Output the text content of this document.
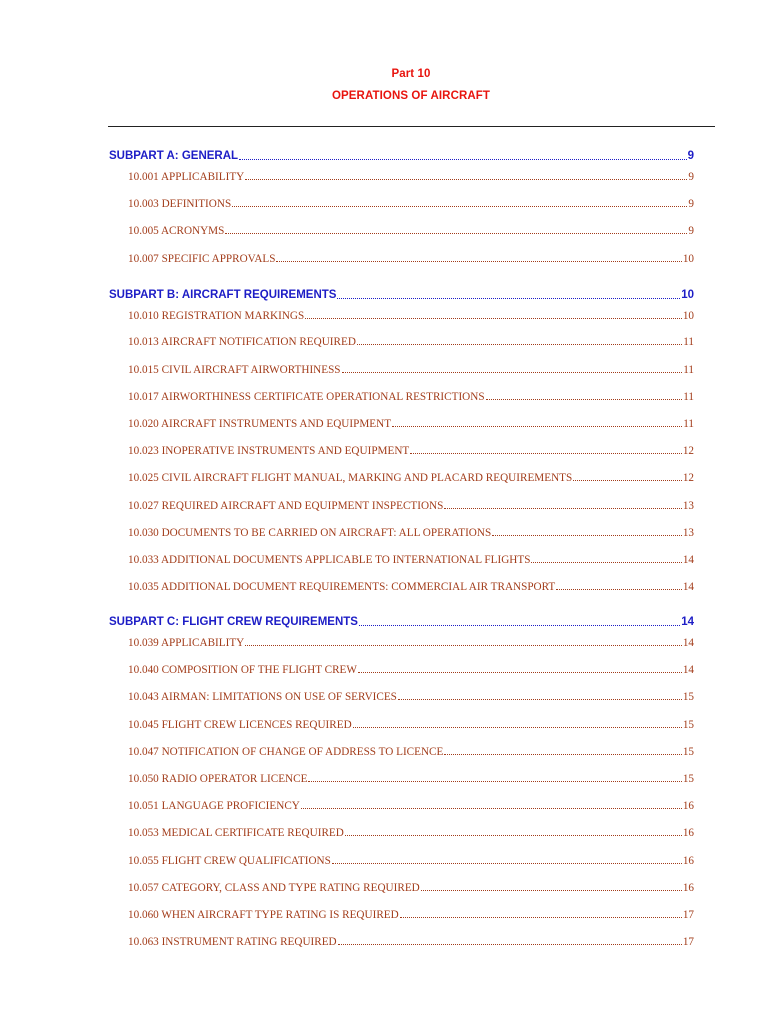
Part 10
OPERATIONS OF AIRCRAFT
SUBPART A: GENERAL	9
10.001 APPLICABILITY	9
10.003 DEFINITIONS	9
10.005 ACRONYMS	9
10.007 SPECIFIC APPROVALS	10
SUBPART B: AIRCRAFT REQUIREMENTS	10
10.010 REGISTRATION MARKINGS	10
10.013 AIRCRAFT NOTIFICATION REQUIRED	11
10.015 CIVIL AIRCRAFT AIRWORTHINESS	11
10.017 AIRWORTHINESS CERTIFICATE OPERATIONAL RESTRICTIONS	11
10.020 AIRCRAFT INSTRUMENTS AND EQUIPMENT	11
10.023 INOPERATIVE INSTRUMENTS AND EQUIPMENT	12
10.025 CIVIL AIRCRAFT FLIGHT MANUAL, MARKING AND PLACARD REQUIREMENTS	12
10.027 REQUIRED AIRCRAFT AND EQUIPMENT INSPECTIONS	13
10.030 DOCUMENTS TO BE CARRIED ON AIRCRAFT: ALL OPERATIONS	13
10.033 ADDITIONAL DOCUMENTS APPLICABLE TO INTERNATIONAL FLIGHTS	14
10.035 ADDITIONAL DOCUMENT REQUIREMENTS: COMMERCIAL AIR TRANSPORT	14
SUBPART C: FLIGHT CREW REQUIREMENTS	14
10.039 APPLICABILITY	14
10.040 COMPOSITION OF THE FLIGHT CREW	14
10.043 AIRMAN: LIMITATIONS ON USE OF SERVICES	15
10.045 FLIGHT CREW LICENCES REQUIRED	15
10.047 NOTIFICATION OF CHANGE OF ADDRESS TO LICENCE	15
10.050 RADIO OPERATOR LICENCE	15
10.051 LANGUAGE PROFICIENCY	16
10.053 MEDICAL CERTIFICATE REQUIRED	16
10.055 FLIGHT CREW QUALIFICATIONS	16
10.057 CATEGORY, CLASS AND TYPE RATING REQUIRED	16
10.060 WHEN AIRCRAFT TYPE RATING IS REQUIRED	17
10.063 INSTRUMENT RATING REQUIRED	17
